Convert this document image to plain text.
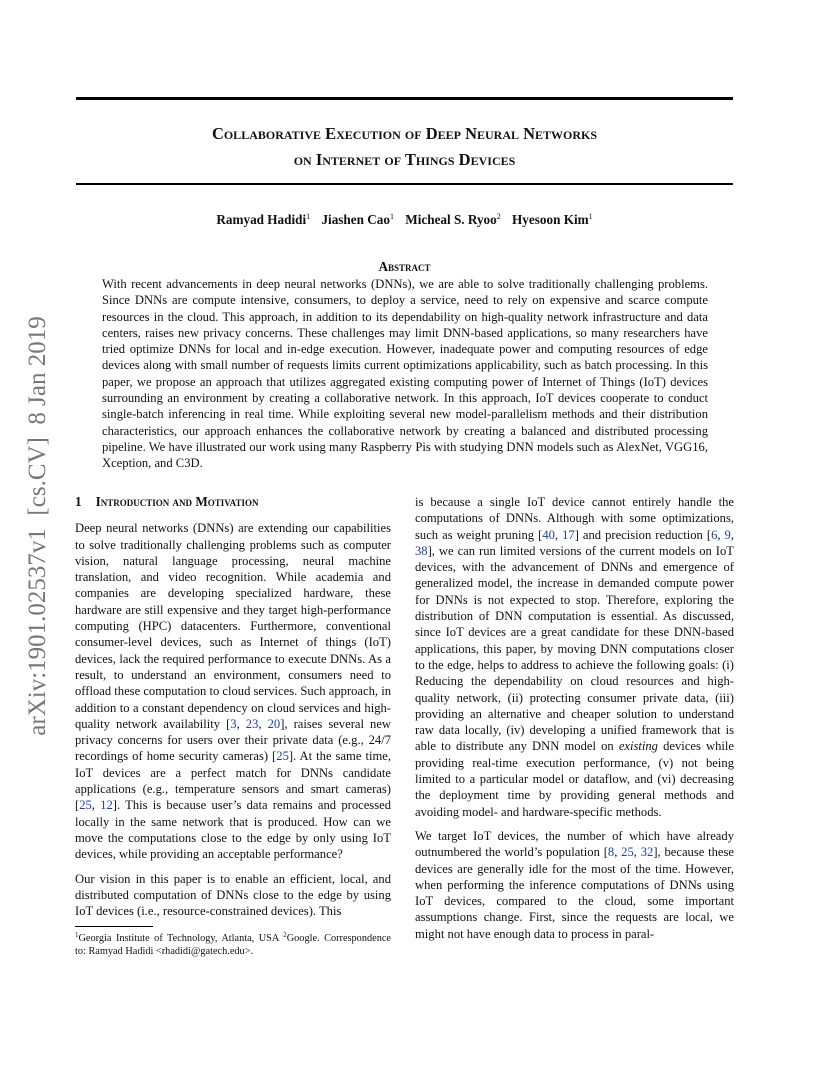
Collaborative Execution of Deep Neural Networks
on Internet of Things Devices
Ramyad Hadidi$^1$ Jiashen Cao$^1$ Micheal S. Ryoo$^2$ Hyesoon Kim$^1$
Abstract
With recent advancements in deep neural networks (DNNs), we are able to solve traditionally challenging problems. Since DNNs are compute intensive, consumers, to deploy a service, need to rely on expensive and scarce compute resources in the cloud. This approach, in addition to its dependability on high-quality network infrastructure and data centers, raises new privacy concerns. These challenges may limit DNN-based applications, so many researchers have tried optimize DNNs for local and in-edge execution. However, inadequate power and computing resources of edge devices along with small number of requests limits current optimizations applicability, such as batch processing. In this paper, we propose an approach that utilizes aggregated existing computing power of Internet of Things (IoT) devices surrounding an environment by creating a collaborative network. In this approach, IoT devices cooperate to conduct single-batch inferencing in real time. While exploiting several new model-parallelism methods and their distribution characteristics, our approach enhances the collaborative network by creating a balanced and distributed processing pipeline. We have illustrated our work using many Raspberry Pis with studying DNN models such as AlexNet, VGG16, Xception, and C3D.
arXiv:1901.02537v1  [cs.CV]  8 Jan 2019 1 Introduction and Motivation

Deep neural networks (DNNs) are extending our capabilities to solve traditionally challenging problems such as computer vision, natural language processing, neural machine translation, and video recognition. While academia and companies are developing specialized hardware, these hardware are still expensive and they target high-performance computing (HPC) datacenters. Furthermore, conventional consumer-level devices, such as Internet of things (IoT) devices, lack the required performance to execute DNNs. As a result, to understand an environment, consumers need to offload these computation to cloud services. Such approach, in addition to a constant dependency on cloud services and high-quality network availability [3, 23, 20], raises several new privacy concerns for users over their private data (e.g., 24/7 recordings of home security cameras) [25]. At the same time, IoT devices are a perfect match for DNNs candidate applications (e.g., temperature sensors and smart cameras) [25, 12]. This is because user’s data remains and processed locally in the same network that is produced. How can we move the computations close to the edge by only using IoT devices, while providing an acceptable performance?

Our vision in this paper is to enable an efficient, local, and distributed computation of DNNs close to the edge by using IoT devices (i.e., resource-constrained devices). This

$^1$Georgia Institute of Technology, Atlanta, USA $^2$Google. Correspondence to: Ramyad Hadidi <rhadidi@gatech.edu>.

is because a single IoT device cannot entirely handle the computations of DNNs. Although with some optimizations, such as weight pruning [40, 17] and precision reduction [6, 9, 38], we can run limited versions of the current models on IoT devices, with the advancement of DNNs and emergence of generalized model, the increase in demanded compute power for DNNs is not expected to stop. Therefore, exploring the distribution of DNN computation is essential. As discussed, since IoT devices are a great candidate for these DNN-based applications, this paper, by moving DNN computations closer to the edge, helps to address to achieve the following goals: (i) Reducing the dependability on cloud resources and high-quality network, (ii) protecting consumer private data, (iii) providing an alternative and cheaper solution to understand raw data locally, (iv) developing a unified framework that is able to distribute any DNN model on existing devices while providing real-time execution performance, (v) not being limited to a particular model or dataflow, and (vi) decreasing the deployment time by providing general methods and avoiding model- and hardware-specific methods.

We target IoT devices, the number of which have already outnumbered the world’s population [8, 25, 32], because these devices are generally idle for the most of the time. However, when performing the inference computations of DNNs using IoT devices, compared to the cloud, some important assumptions change. First, since the requests are local, we might not have enough data to process in paral-
